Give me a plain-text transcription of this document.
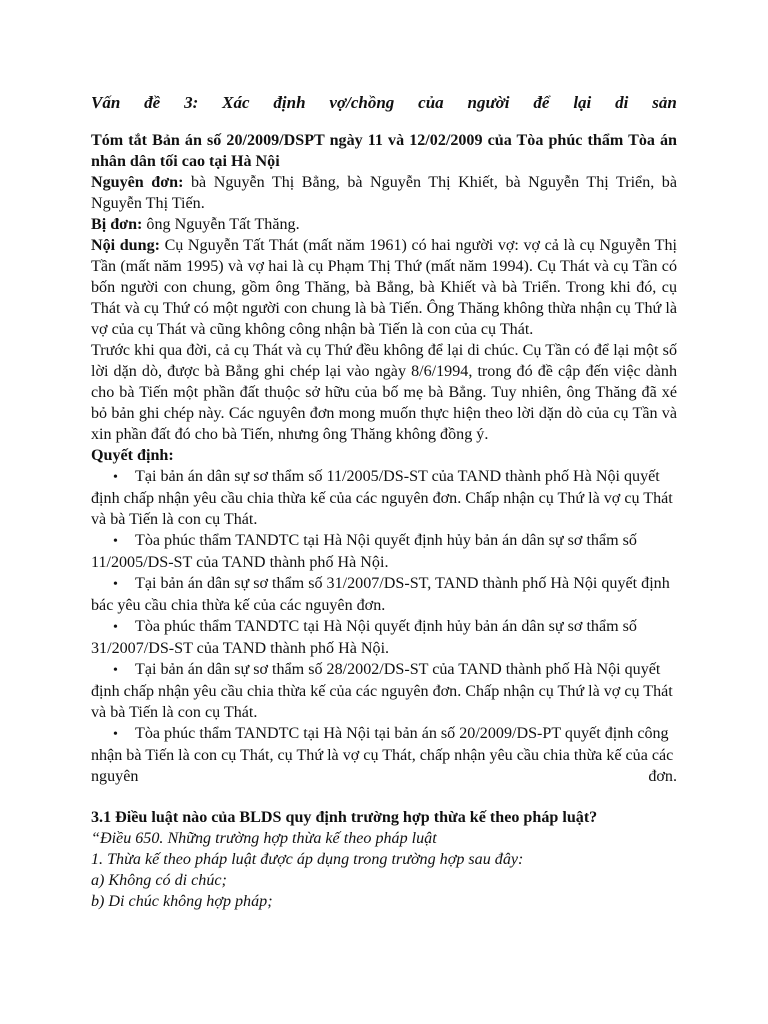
Vấn đề 3: Xác định vợ/chồng của người để lại di sản

Tóm tắt Bản án số 20/2009/DSPT ngày 11 và 12/02/2009 của Tòa phúc thẩm Tòa án nhân dân tối cao tại Hà Nội

Nguyên đơn: bà Nguyễn Thị Bẳng, bà Nguyễn Thị Khiết, bà Nguyễn Thị Triển, bà Nguyễn Thị Tiến.

Bị đơn: ông Nguyễn Tất Thăng.

Nội dung: Cụ Nguyễn Tất Thát (mất năm 1961) có hai người vợ: vợ cả là cụ Nguyễn Thị Tần (mất năm 1995) và vợ hai là cụ Phạm Thị Thứ (mất năm 1994). Cụ Thát và cụ Tần có bốn người con chung, gồm ông Thăng, bà Bẳng, bà Khiết và bà Triển. Trong khi đó, cụ Thát và cụ Thứ có một người con chung là bà Tiến. Ông Thăng không thừa nhận cụ Thứ là vợ của cụ Thát và cũng không công nhận bà Tiến là con của cụ Thát.

Trước khi qua đời, cả cụ Thát và cụ Thứ đều không để lại di chúc. Cụ Tần có để lại một số lời dặn dò, được bà Bẳng ghi chép lại vào ngày 8/6/1994, trong đó đề cập đến việc dành cho bà Tiến một phần đất thuộc sở hữu của bố mẹ bà Bẳng. Tuy nhiên, ông Thăng đã xé bỏ bản ghi chép này. Các nguyên đơn mong muốn thực hiện theo lời dặn dò của cụ Tần và xin phần đất đó cho bà Tiến, nhưng ông Thăng không đồng ý.

Quyết định:

• Tại bản án dân sự sơ thẩm số 11/2005/DS-ST của TAND thành phố Hà Nội quyết định chấp nhận yêu cầu chia thừa kế của các nguyên đơn. Chấp nhận cụ Thứ là vợ cụ Thát và bà Tiến là con cụ Thát.
• Tòa phúc thẩm TANDTC tại Hà Nội quyết định hủy bản án dân sự sơ thẩm số 11/2005/DS-ST của TAND thành phố Hà Nội.
• Tại bản án dân sự sơ thẩm số 31/2007/DS-ST, TAND thành phố Hà Nội quyết định bác yêu cầu chia thừa kế của các nguyên đơn.
• Tòa phúc thẩm TANDTC tại Hà Nội quyết định hủy bản án dân sự sơ thẩm số 31/2007/DS-ST của TAND thành phố Hà Nội.
• Tại bản án dân sự sơ thẩm số 28/2002/DS-ST của TAND thành phố Hà Nội quyết định chấp nhận yêu cầu chia thừa kế của các nguyên đơn. Chấp nhận cụ Thứ là vợ cụ Thát và bà Tiến là con cụ Thát.
• Tòa phúc thẩm TANDTC tại Hà Nội tại bản án số 20/2009/DS-PT quyết định công nhận bà Tiến là con cụ Thát, cụ Thứ là vợ cụ Thát, chấp nhận yêu cầu chia thừa kế của các nguyên đơn.

3.1 Điều luật nào của BLDS quy định trường hợp thừa kế theo pháp luật?

“Điều 650. Những trường hợp thừa kế theo pháp luật

1. Thừa kế theo pháp luật được áp dụng trong trường hợp sau đây:

a) Không có di chúc;

b) Di chúc không hợp pháp;
